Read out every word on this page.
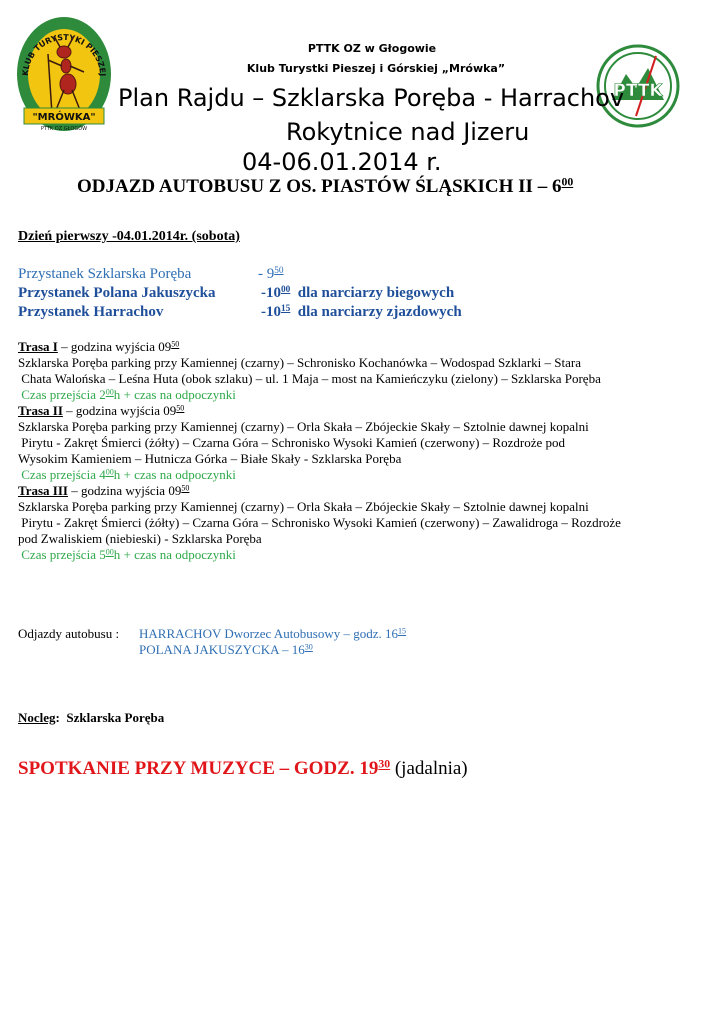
KLUB TURYSTYKI PIESZEJ
"MRÓWKA"
PTTK OZ GŁOGÓW
PTTK
PTTK OZ w Głogowie
Klub Turystki Pieszej i Górskiej „Mrówka”
Plan Rajdu – Szklarska Poręba - Harrachov
Rokytnice nad Jizeru
04-06.01.2014 r.
ODJAZD AUTOBUSU Z OS. PIASTÓW ŚLĄSKICH II – $6^{00}$
Dzień pierwszy -04.01.2014r. (sobota)
Przystanek Szklarska Poręba	- $9^{50}$
Przystanek Polana Jakuszycka	$-10^{00}$ dla narciarzy biegowych
Przystanek Harrachov	$-10^{15}$ dla narciarzy zjazdowych
Trasa I – godzina wyjścia $09^{50}$
Szklarska Poręba parking przy Kamiennej (czarny) – Schronisko Kochanówka – Wodospad Szklarki – Stara
Chata Walońska – Leśna Huta (obok szlaku) – ul. 1 Maja – most na Kamieńczyku (zielony) – Szklarska Poręba
Czas przejścia $2^{00}h$ + czas na odpoczynki
Trasa II – godzina wyjścia $09^{50}$
Szklarska Poręba parking przy Kamiennej (czarny) – Orla Skała – Zbójeckie Skały – Sztolnie dawnej kopalni
Pirytu - Zakręt Śmierci (żółty) – Czarna Góra – Schronisko Wysoki Kamień (czerwony) – Rozdroże pod
Wysokim Kamieniem – Hutnicza Górka – Białe Skały - Szklarska Poręba
Czas przejścia $4^{00}h$ + czas na odpoczynki
Trasa III – godzina wyjścia $09^{50}$
Szklarska Poręba parking przy Kamiennej (czarny) – Orla Skała – Zbójeckie Skały – Sztolnie dawnej kopalni
Pirytu - Zakręt Śmierci (żółty) – Czarna Góra – Schronisko Wysoki Kamień (czerwony) – Zawalidroga – Rozdroże
pod Zwaliskiem (niebieski) - Szklarska Poręba
Czas przejścia $5^{00}h$ + czas na odpoczynki
Odjazdy autobusu : HARRACHOV Dworzec Autobusowy – godz. $16^{15}$
POLANA JAKUSZYCKA – $16^{30}$
Nocleg: Szklarska Poręba
SPOTKANIE PRZY MUZYCE – GODZ. $19^{30}$ (jadalnia)
